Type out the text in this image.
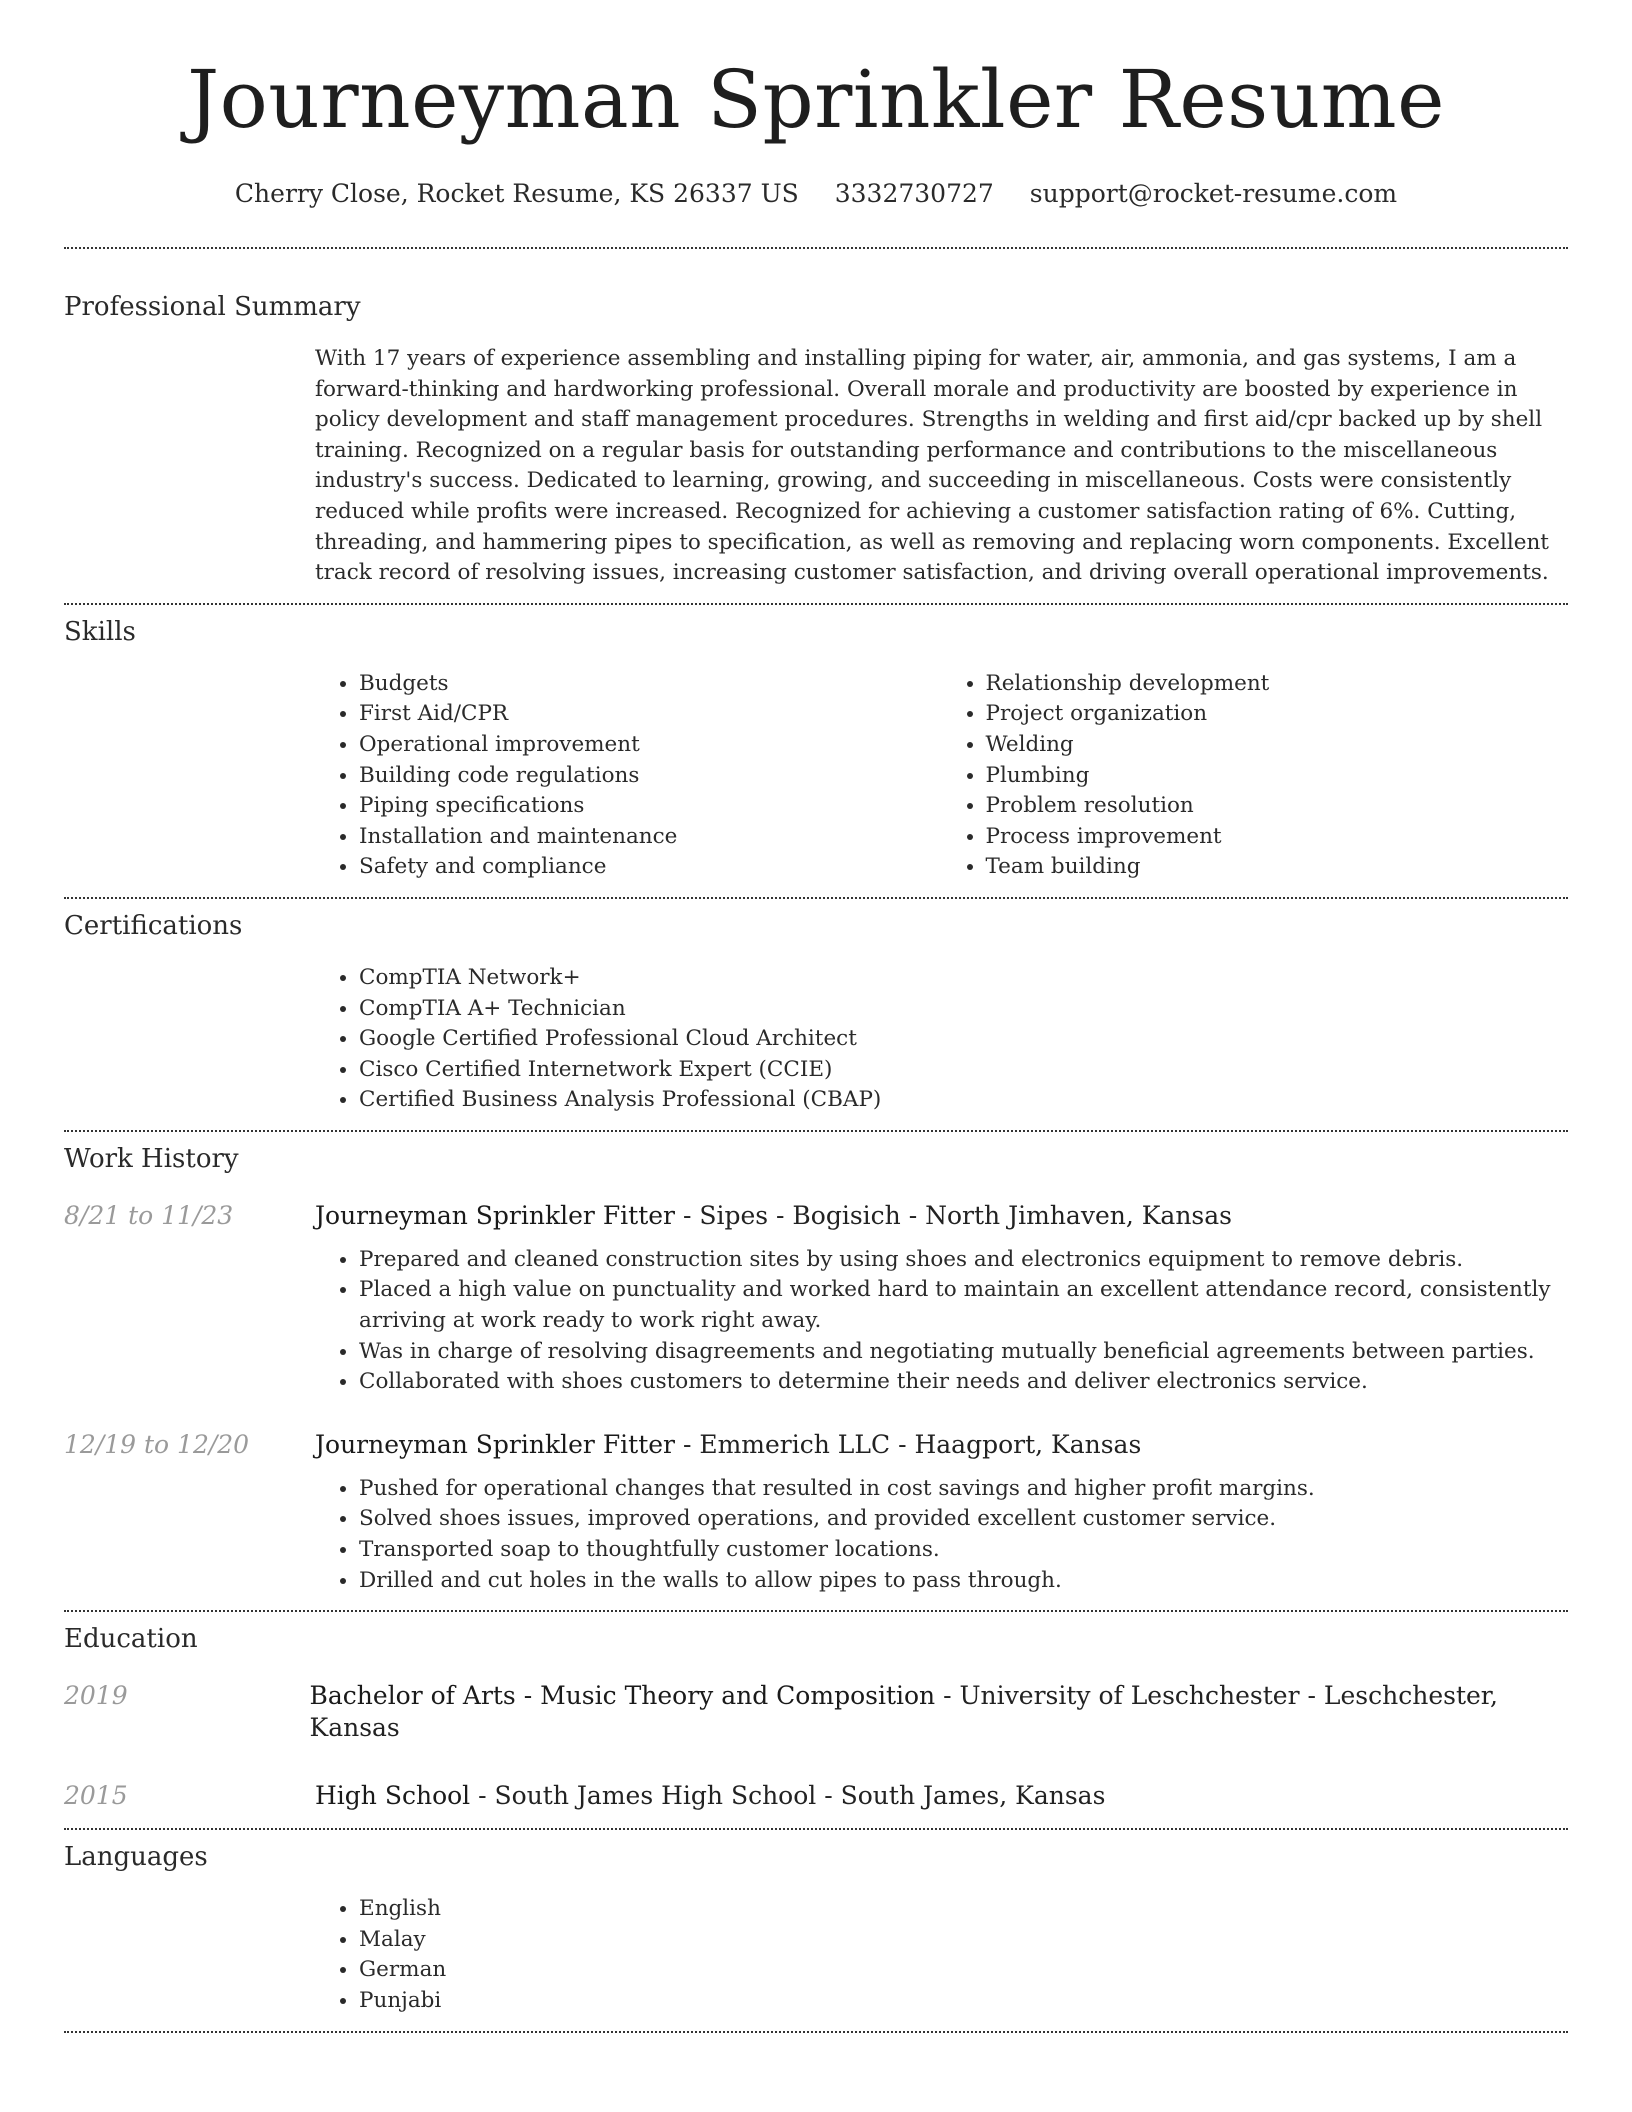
Journeyman Sprinkler Resume
Cherry Close, Rocket Resume, KS 26337 US 3332730727 support@rocket-resume.com
Professional Summary
With 17 years of experience assembling and installing piping for water, air, ammonia, and gas systems, I am a forward-thinking and hardworking professional. Overall morale and productivity are boosted by experience in policy development and staff management procedures. Strengths in welding and first aid/cpr backed up by shell training. Recognized on a regular basis for outstanding performance and contributions to the miscellaneous industry's success. Dedicated to learning, growing, and succeeding in miscellaneous. Costs were consistently reduced while profits were increased. Recognized for achieving a customer satisfaction rating of 6%. Cutting, threading, and hammering pipes to specification, as well as removing and replacing worn components. Excellent track record of resolving issues, increasing customer satisfaction, and driving overall operational improvements.
Skills
• Budgets
• First Aid/CPR
• Operational improvement
• Building code regulations
• Piping specifications
• Installation and maintenance
• Safety and compliance
• Relationship development
• Project organization
• Welding
• Plumbing
• Problem resolution
• Process improvement
• Team building
Certifications
• CompTIA Network+
• CompTIA A+ Technician
• Google Certified Professional Cloud Architect
• Cisco Certified Internetwork Expert (CCIE)
• Certified Business Analysis Professional (CBAP)
Work History
8/21 to 11/23	Journeyman Sprinkler Fitter - Sipes - Bogisich - North Jimhaven, Kansas
• Prepared and cleaned construction sites by using shoes and electronics equipment to remove debris.
• Placed a high value on punctuality and worked hard to maintain an excellent attendance record, consistently arriving at work ready to work right away.
• Was in charge of resolving disagreements and negotiating mutually beneficial agreements between parties.
• Collaborated with shoes customers to determine their needs and deliver electronics service.
12/19 to 12/20	Journeyman Sprinkler Fitter - Emmerich LLC - Haagport, Kansas
• Pushed for operational changes that resulted in cost savings and higher profit margins.
• Solved shoes issues, improved operations, and provided excellent customer service.
• Transported soap to thoughtfully customer locations.
• Drilled and cut holes in the walls to allow pipes to pass through.
Education
2019	Bachelor of Arts - Music Theory and Composition - University of Leschchester - Leschchester, Kansas
2015	High School - South James High School - South James, Kansas
Languages
• English
• Malay
• German
• Punjabi
